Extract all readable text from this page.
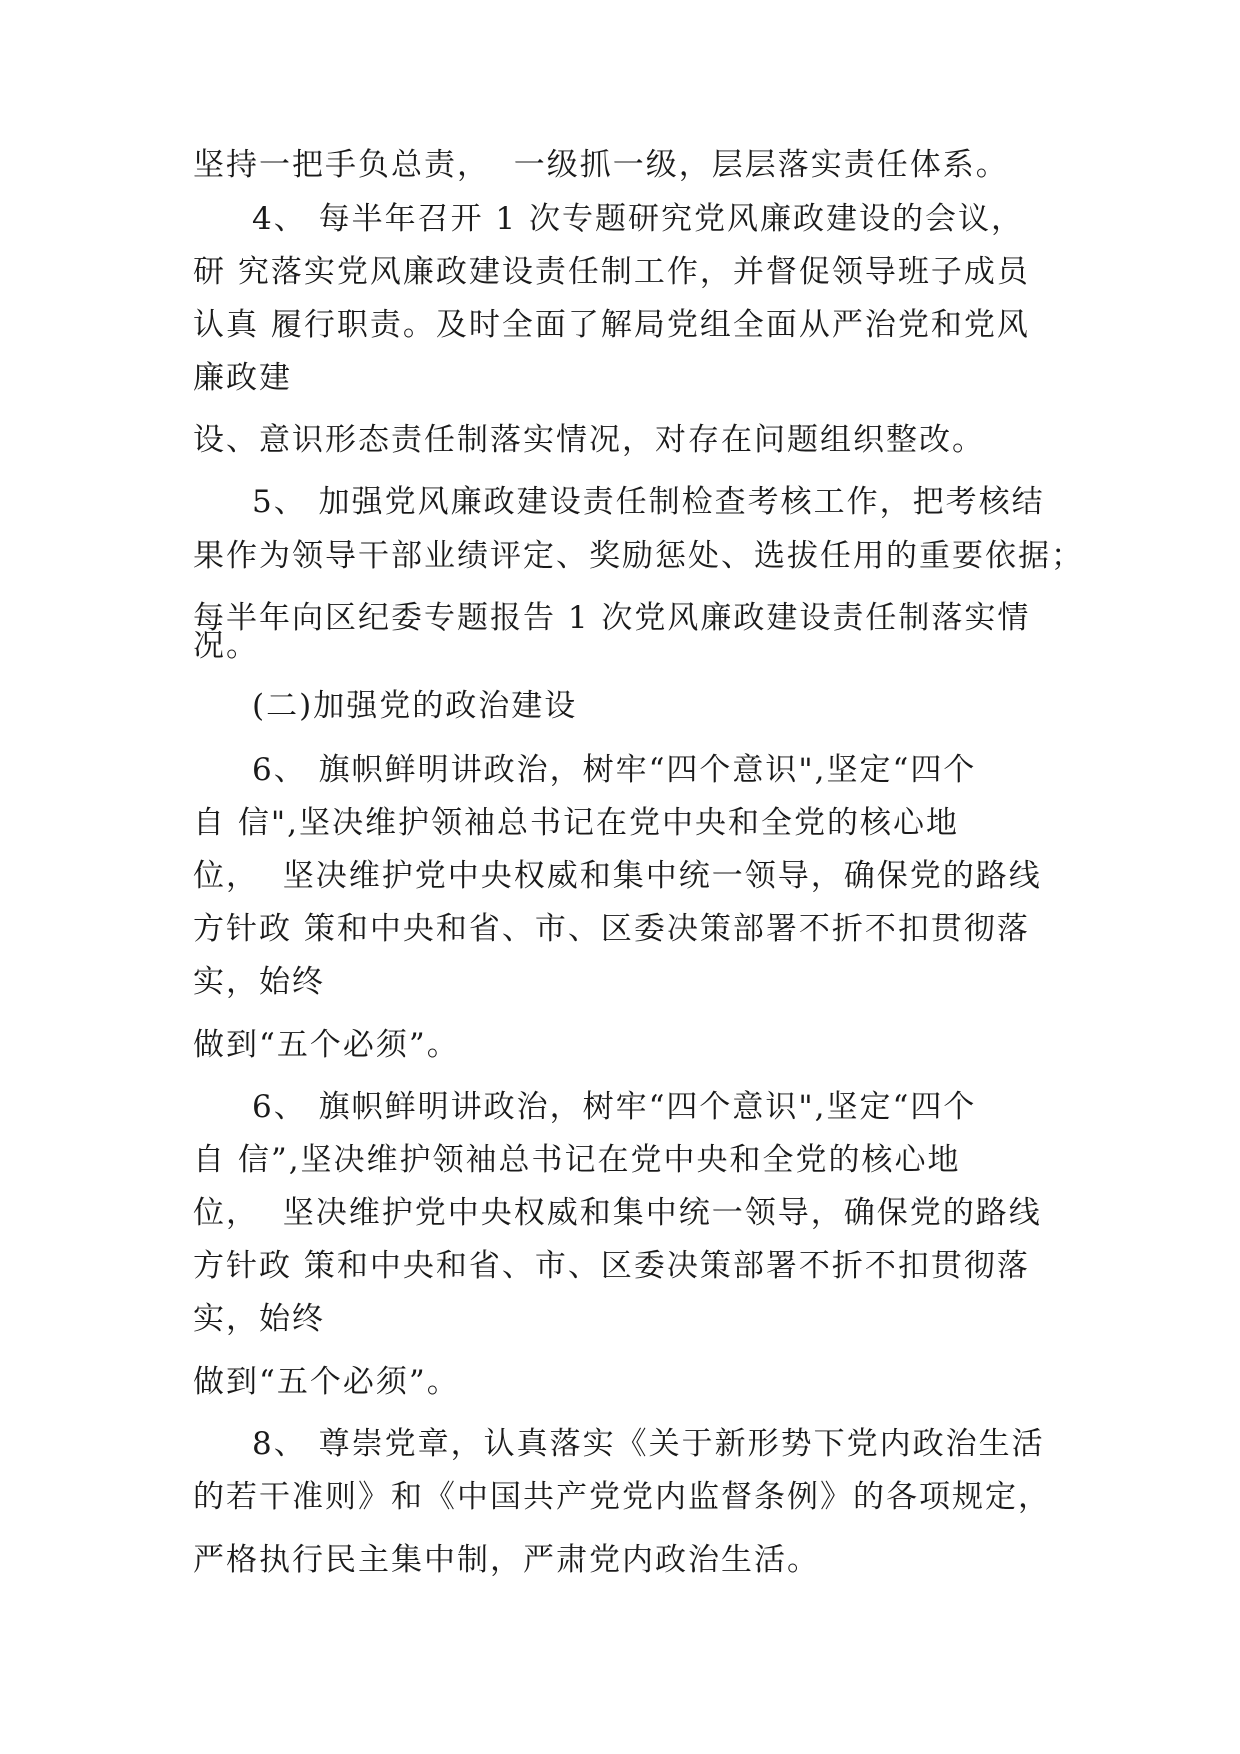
坚持一把手负总责，  一级抓一级，层层落实责任体系。
4、 每半年召开 1 次专题研究党风廉政建设的会议，
研 究落实党风廉政建设责任制工作，并督促领导班子成员
认真 履行职责。及时全面了解局党组全面从严治党和党风
廉政建
设、意识形态责任制落实情况，对存在问题组织整改。
5、 加强党风廉政建设责任制检查考核工作，把考核结
果作为领导干部业绩评定、奖励惩处、选拔任用的重要依据；
每半年向区纪委专题报告 1 次党风廉政建设责任制落实情
况。
(二)加强党的政治建设
6、 旗帜鲜明讲政治，树牢“四个意识",坚定“四个
自 信",坚决维护领袖总书记在党中央和全党的核心地
位，  坚决维护党中央权威和集中统一领导，确保党的路线
方针政 策和中央和省、市、区委决策部署不折不扣贯彻落
实，始终
做到“五个必须”。
6、 旗帜鲜明讲政治，树牢“四个意识",坚定“四个
自 信”,坚决维护领袖总书记在党中央和全党的核心地
位，  坚决维护党中央权威和集中统一领导，确保党的路线
方针政 策和中央和省、市、区委决策部署不折不扣贯彻落
实，始终
做到“五个必须”。
8、 尊崇党章，认真落实《关于新形势下党内政治生活
的若干准则》和《中国共产党党内监督条例》的各项规定，
严格执行民主集中制，严肃党内政治生活。
